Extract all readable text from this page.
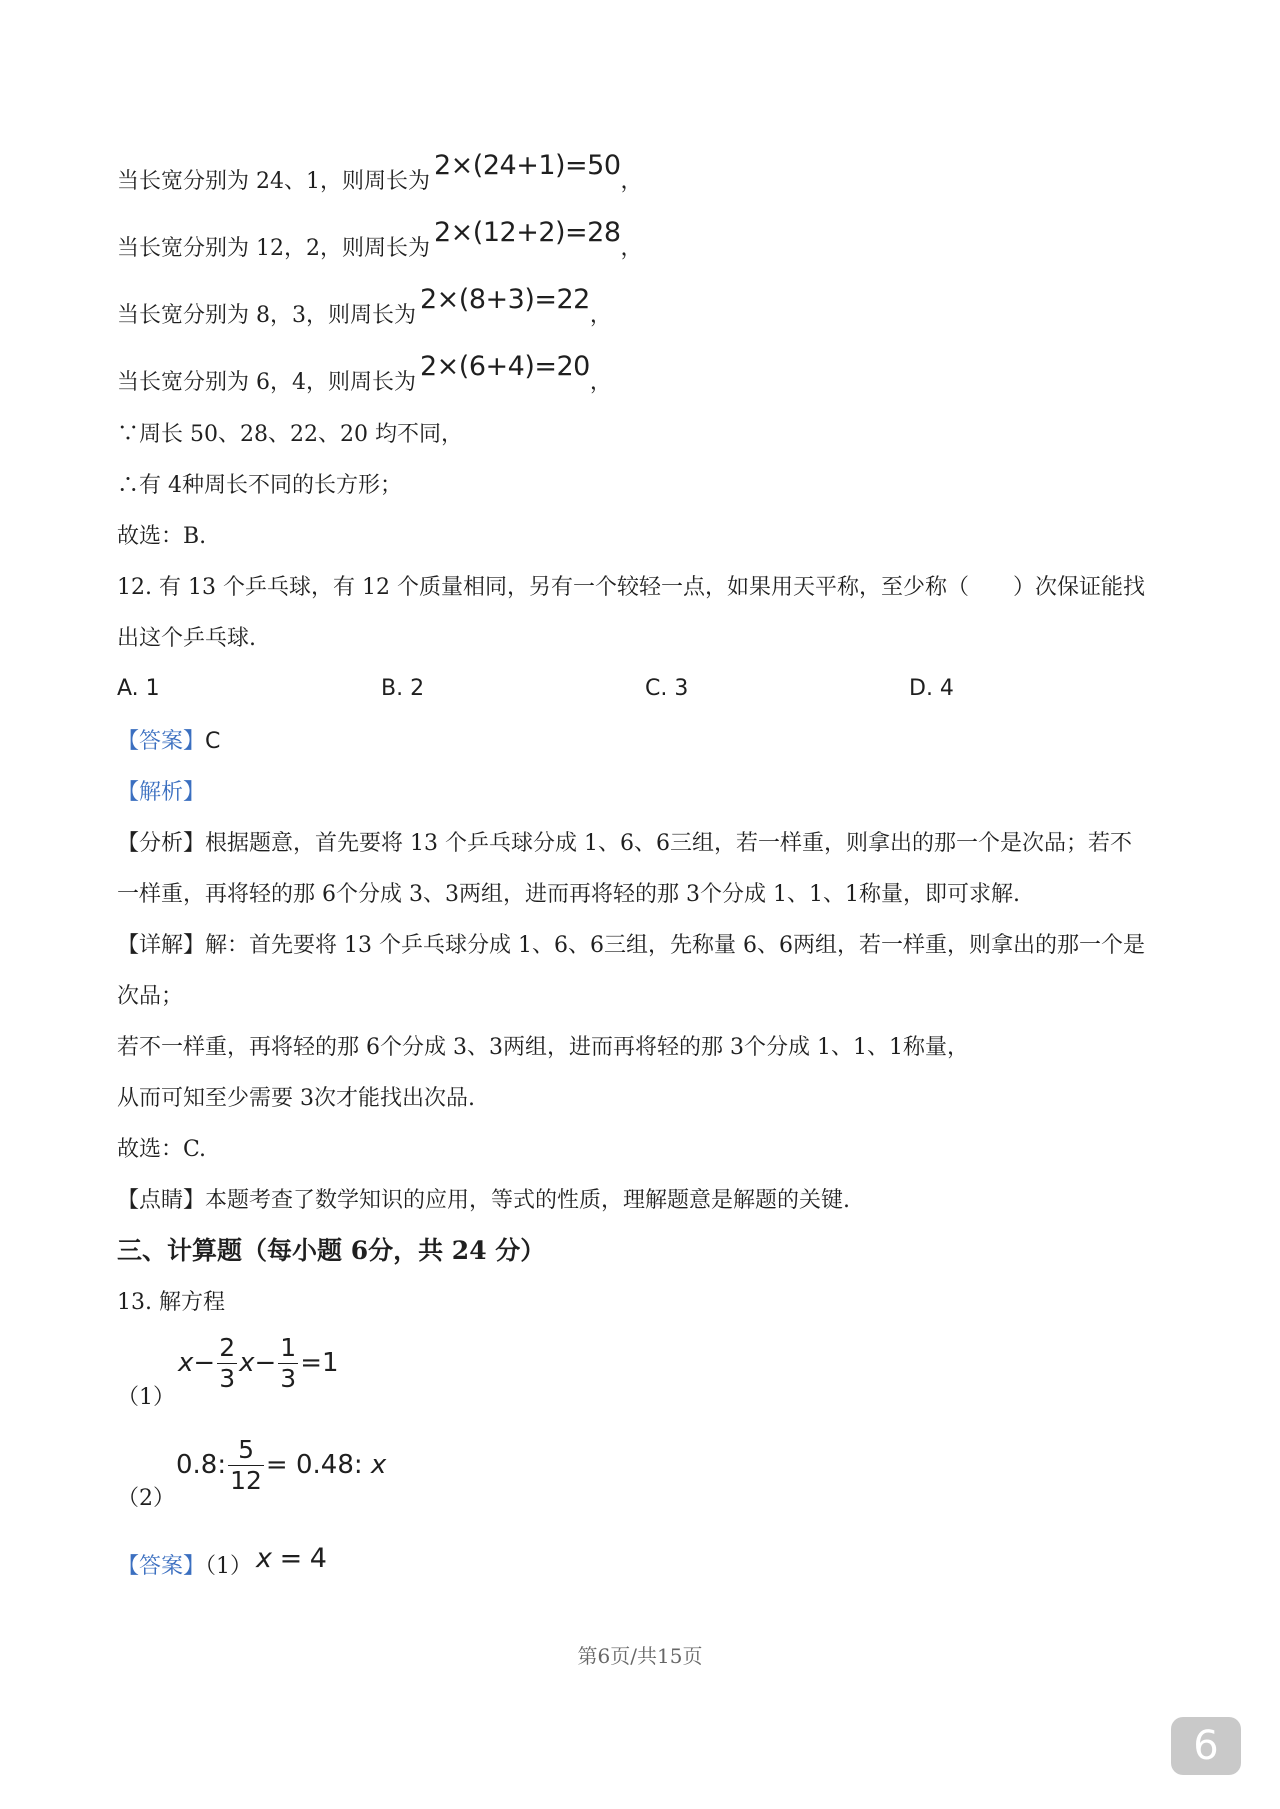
当长宽分别为 24、1，则周长为2×(24+1)=50，
当长宽分别为 12，2，则周长为2×(12+2)=28，
当长宽分别为 8，3，则周长为2×(8+3)=22，
当长宽分别为 6，4，则周长为2×(6+4)=20，
∵周长 50、28、22、20 均不同，
∴有 4种周长不同的长方形；
故选：B.
12. 有 13 个乒乓球，有 12 个质量相同，另有一个较轻一点，如果用天平称，至少称（　　）次保证能找
出这个乒乓球.
A. 1	B. 2	C. 3	D. 4
【答案】C
【解析】
【分析】根据题意，首先要将 13 个乒乓球分成 1、6、6三组，若一样重，则拿出的那一个是次品；若不
一样重，再将轻的那 6个分成 3、3两组，进而再将轻的那 3个分成 1、1、1称量，即可求解.
【详解】解：首先要将 13 个乒乓球分成 1、6、6三组，先称量 6、6两组，若一样重，则拿出的那一个是
次品；
若不一样重，再将轻的那 6个分成 3、3两组，进而再将轻的那 3个分成 1、1、1称量，
从而可知至少需要 3次才能找出次品.
故选：C.
【点睛】本题考查了数学知识的应用，等式的性质，理解题意是解题的关键.
三、计算题（每小题 6分，共 24 分）
13. 解方程
（1）
$x- \frac{2}{3} x- \frac{1}{3} =1$
（2）
0.8: $\frac{5}{12} = 0.48$: x
【答案】（1） x = 4
第6页/共15页
6
